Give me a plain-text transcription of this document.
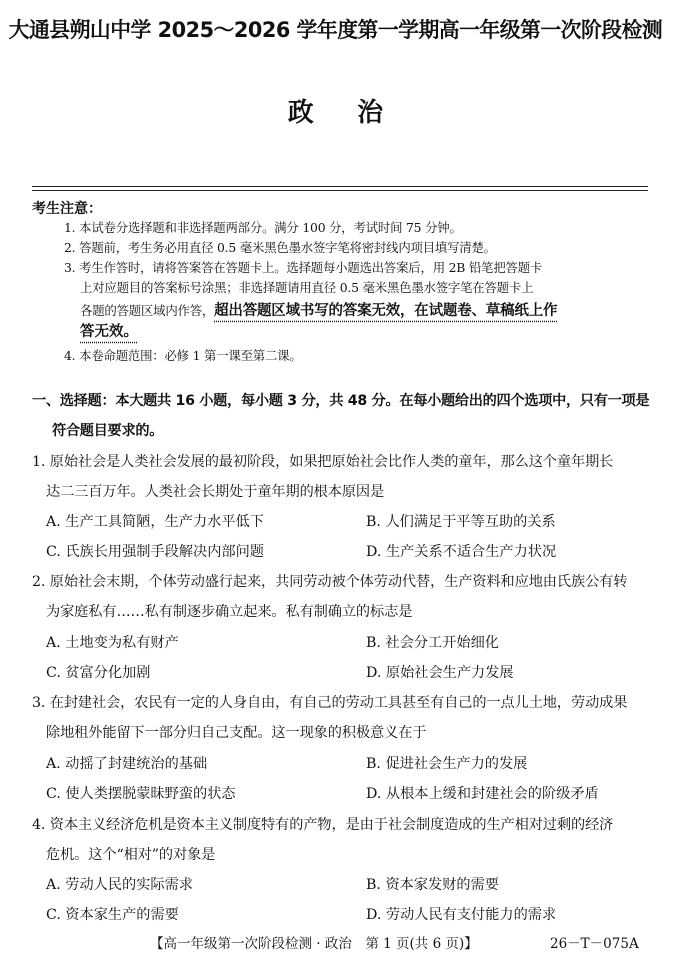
大通县朔山中学 2025～2026 学年度第一学期高一年级第一次阶段检测
政治
考生注意：
1. 本试卷分选择题和非选择题两部分。满分 100 分，考试时间 75 分钟。
2. 答题前，考生务必用直径 0.5 毫米黑色墨水签字笔将密封线内项目填写清楚。
3. 考生作答时，请将答案答在答题卡上。选择题每小题选出答案后，用 2B 铅笔把答题卡
上对应题目的答案标号涂黑；非选择题请用直径 0.5 毫米黑色墨水签字笔在答题卡上
各题的答题区域内作答，超出答题区域书写的答案无效，在试题卷、草稿纸上作
答无效。
4. 本卷命题范围：必修 1 第一课至第二课。
一、选择题：本大题共 16 小题，每小题 3 分，共 48 分。在每小题给出的四个选项中，只有一项是
符合题目要求的。
1. 原始社会是人类社会发展的最初阶段，如果把原始社会比作人类的童年，那么这个童年期长
达二三百万年。人类社会长期处于童年期的根本原因是
A. 生产工具简陋，生产力水平低下	B. 人们满足于平等互助的关系
C. 氏族长用强制手段解决内部问题	D. 生产关系不适合生产力状况
2. 原始社会末期，个体劳动盛行起来，共同劳动被个体劳动代替，生产资料和应地由氏族公有转
为家庭私有……私有制逐步确立起来。私有制确立的标志是
A. 土地变为私有财产	B. 社会分工开始细化
C. 贫富分化加剧	D. 原始社会生产力发展
3. 在封建社会，农民有一定的人身自由，有自己的劳动工具甚至有自己的一点儿土地，劳动成果
除地租外能留下一部分归自己支配。这一现象的积极意义在于
A. 动摇了封建统治的基础	B. 促进社会生产力的发展
C. 使人类摆脱蒙昧野蛮的状态	D. 从根本上缓和封建社会的阶级矛盾
4. 资本主义经济危机是资本主义制度特有的产物，是由于社会制度造成的生产相对过剩的经济
危机。这个“相对”的对象是
A. 劳动人民的实际需求	B. 资本家发财的需要
C. 资本家生产的需要	D. 劳动人民有支付能力的需求
【高一年级第一次阶段检测 · 政治　第 1 页(共 6 页)】	26－T－075A
